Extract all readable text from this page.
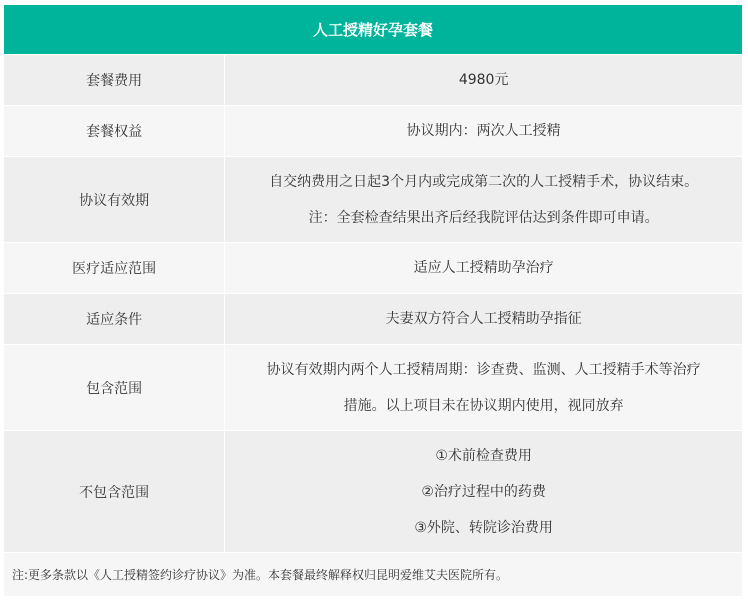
人工授精好孕套餐	
套餐费用	4980元

套餐权益	协议期内：两次人工授精

协议有效期	自交纳费用之日起3个月内或完成第二次的人工授精手术，协议结束。
注：全套检查结果出齐后经我院评估达到条件即可申请。

医疗适应范围	适应人工授精助孕治疗

适应条件	夫妻双方符合人工授精助孕指征

包含范围	协议有效期内两个人工授精周期：诊查费、监测、人工授精手术等治疗
措施。以上项目未在协议期内使用，视同放弃

不包含范围	①术前检查费用
②治疗过程中的药费
③外院、转院诊治费用

注:更多条款以《人工授精签约诊疗协议》为准。本套餐最终解释权归昆明爱维艾夫医院所有。	
